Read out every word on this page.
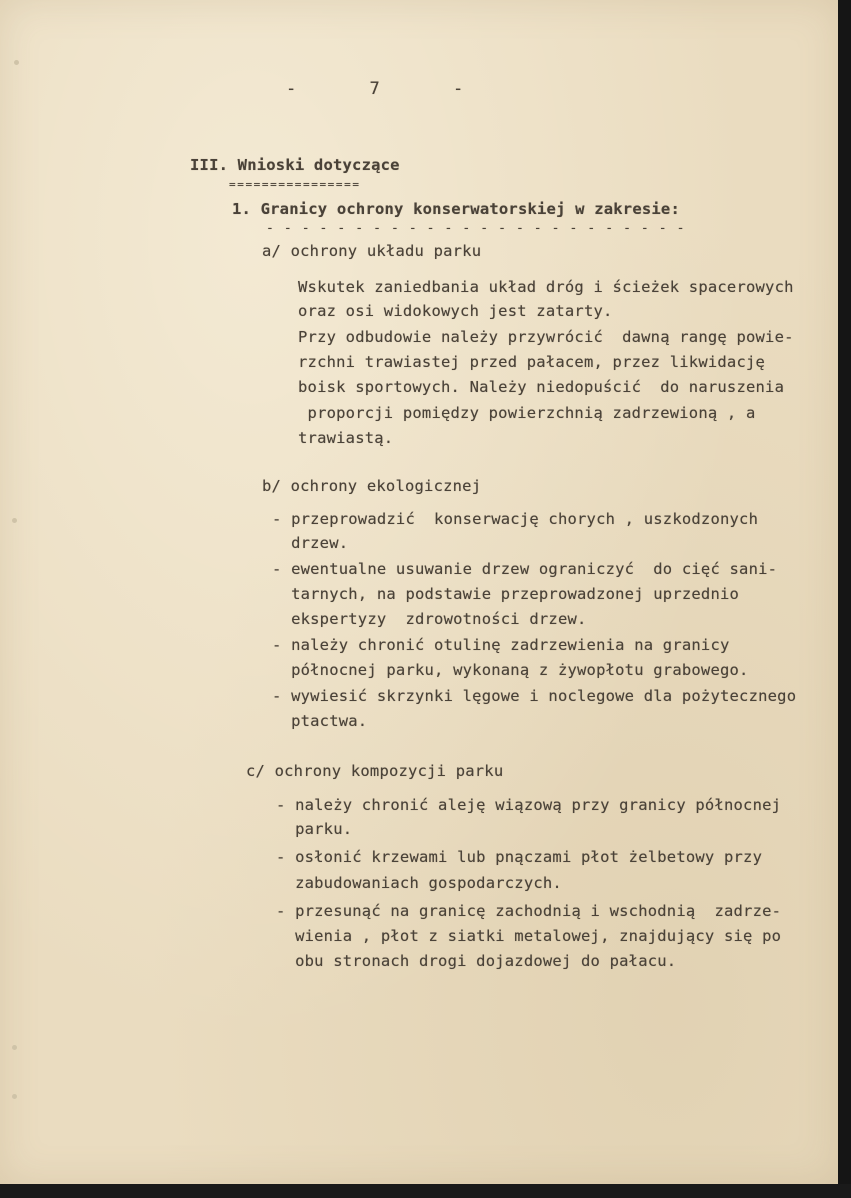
-       7       -
III. Wnioski dotyczące
================
1. Granicy ochrony konserwatorskiej w zakresie:
- - - - - - - - - - - - - - - - - - - - - - - -
a/ ochrony układu parku
Wskutek zaniedbania układ dróg i ścieżek spacerowych
oraz osi widokowych jest zatarty.
Przy odbudowie należy przywrócić  dawną rangę powie-
rzchni trawiastej przed pałacem, przez likwidację
boisk sportowych. Należy niedopuścić  do naruszenia
proporcji pomiędzy powierzchnią zadrzewioną , a
trawiastą.
b/ ochrony ekologicznej
- przeprowadzić  konserwację chorych , uszkodzonych
drzew.
- ewentualne usuwanie drzew ograniczyć  do cięć sani-
tarnych, na podstawie przeprowadzonej uprzednio
ekspertyzy  zdrowotności drzew.
- należy chronić otulinę zadrzewienia na granicy
północnej parku, wykonaną z żywopłotu grabowego.
- wywiesić skrzynki lęgowe i noclegowe dla pożytecznego
ptactwa.
c/ ochrony kompozycji parku
- należy chronić aleję wiązową przy granicy północnej
parku.
- osłonić krzewami lub pnączami płot żelbetowy przy
zabudowaniach gospodarczych.
- przesunąć na granicę zachodnią i wschodnią  zadrze-
wienia , płot z siatki metalowej, znajdujący się po
obu stronach drogi dojazdowej do pałacu.
